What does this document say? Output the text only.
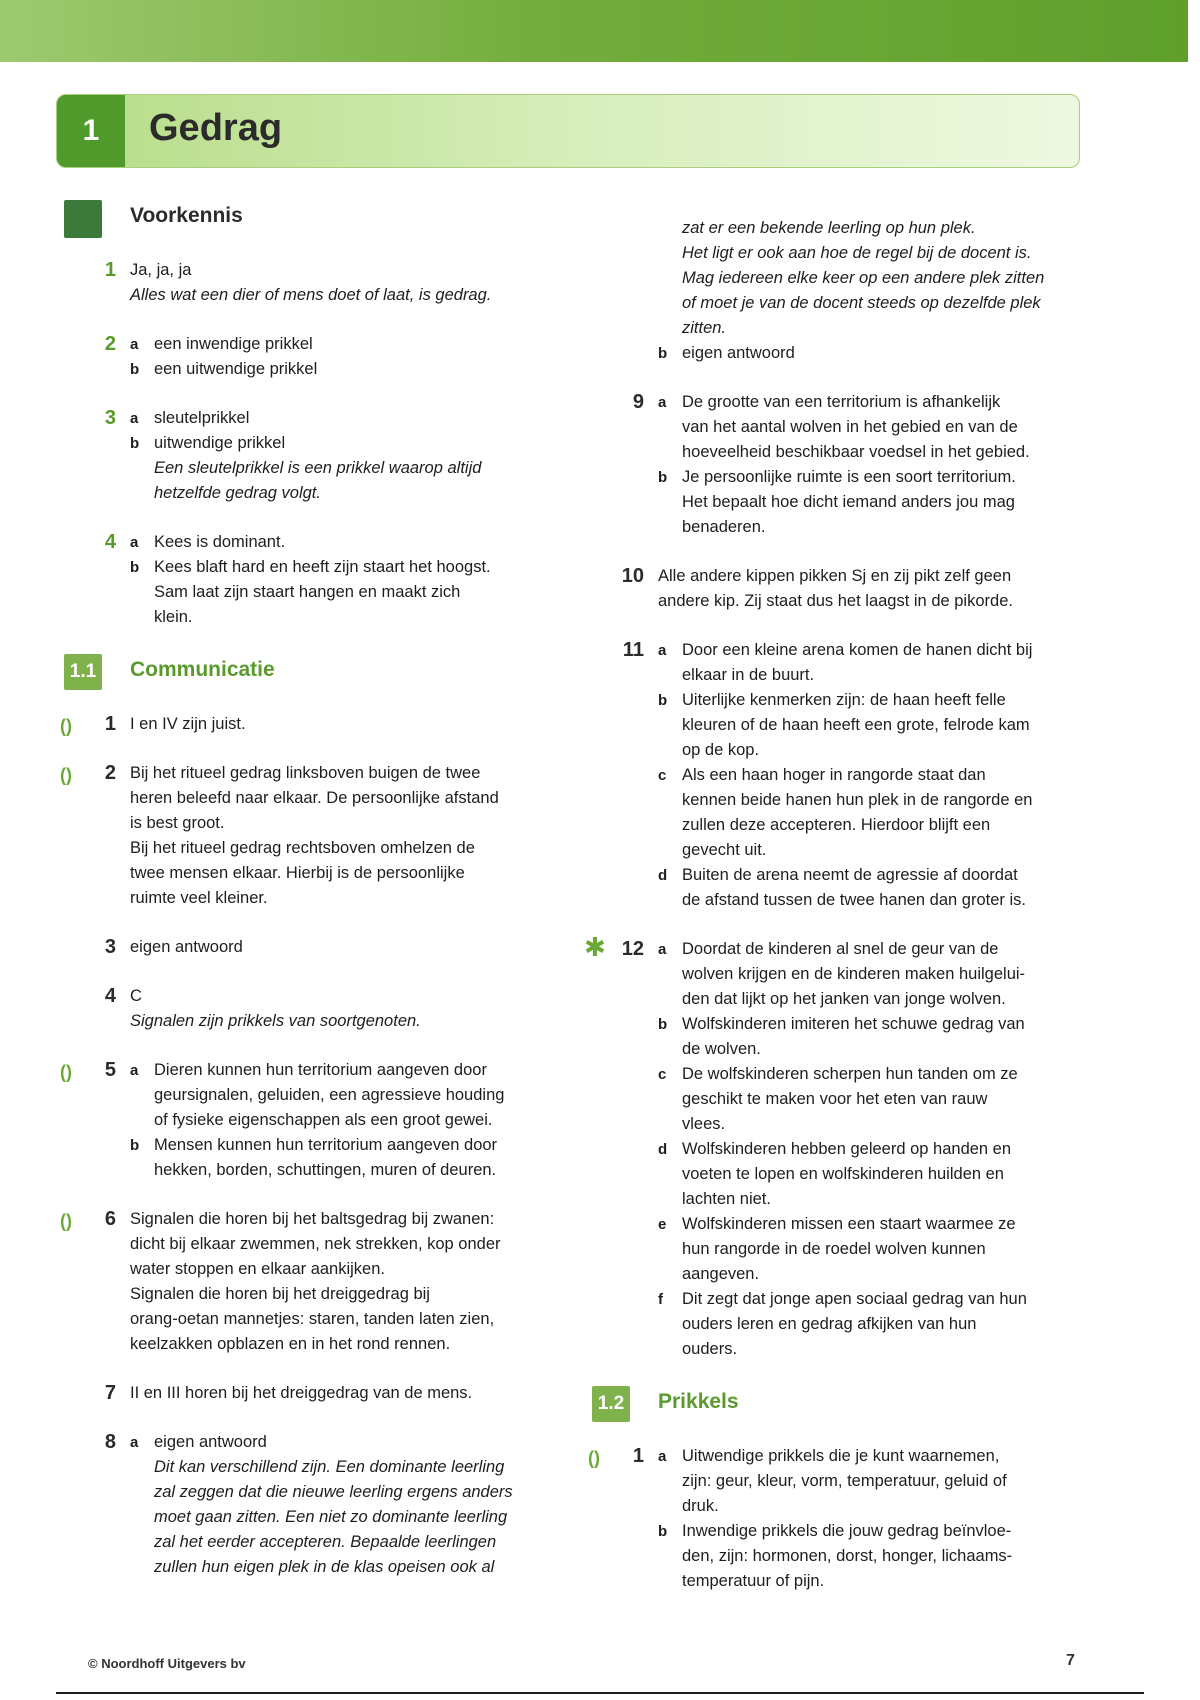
1	Gedrag
Voorkennis
1 Ja, ja, ja

Alles wat een dier of mens doet of laat, is gedrag.

2 a een inwendige prikkel
b een uitwendige prikkel
3 a sleutelprikkel
b uitwendige prikkel
Een sleutelprikkel is een prikkel waarop altijd
hetzelfde gedrag volgt.
4 a Kees is dominant.
b Kees blaft hard en heeft zijn staart het hoogst.
Sam laat zijn staart hangen en maakt zich
klein.
1.1 Communicatie
()	1 I en IV zijn juist.

()	2 Bij het ritueel gedrag linksboven buigen de twee

heren beleefd naar elkaar. De persoonlijke afstand

is best groot.

Bij het ritueel gedrag rechtsboven omhelzen de

twee mensen elkaar. Hierbij is de persoonlijke

ruimte veel kleiner.

3 eigen antwoord

4 C

Signalen zijn prikkels van soortgenoten.

()	5 a Dieren kunnen hun territorium aangeven door
geursignalen, geluiden, een agressieve houding
of fysieke eigenschappen als een groot gewei.
b Mensen kunnen hun territorium aangeven door
hekken, borden, schuttingen, muren of deuren.
()	6 Signalen die horen bij het baltsgedrag bij zwanen:

dicht bij elkaar zwemmen, nek strekken, kop onder

water stoppen en elkaar aankijken.

Signalen die horen bij het dreiggedrag bij

orang-oetan mannetjes: staren, tanden laten zien,

keelzakken opblazen en in het rond rennen.

7 II en III horen bij het dreiggedrag van de mens.

8 a eigen antwoord
Dit kan verschillend zijn. Een dominante leerling
zal zeggen dat die nieuwe leerling ergens anders
moet gaan zitten. Een niet zo dominante leerling
zal het eerder accepteren. Bepaalde leerlingen
zullen hun eigen plek in de klas opeisen ook al
zat er een bekende leerling op hun plek.
Het ligt er ook aan hoe de regel bij de docent is.
Mag iedereen elke keer op een andere plek zitten
of moet je van de docent steeds op dezelfde plek
zitten.
b eigen antwoord
9 a De grootte van een territorium is afhankelijk
van het aantal wolven in het gebied en van de
hoeveelheid beschikbaar voedsel in het gebied.
b Je persoonlijke ruimte is een soort territorium.
Het bepaalt hoe dicht iemand anders jou mag
benaderen.
10 Alle andere kippen pikken Sj en zij pikt zelf geen

andere kip. Zij staat dus het laagst in de pikorde.

11 a Door een kleine arena komen de hanen dicht bij
elkaar in de buurt.
b Uiterlijke kenmerken zijn: de haan heeft felle
kleuren of de haan heeft een grote, felrode kam
op de kop.
c Als een haan hoger in rangorde staat dan
kennen beide hanen hun plek in de rangorde en
zullen deze accepteren. Hierdoor blijft een
gevecht uit.
d Buiten de arena neemt de agressie af doordat
de afstand tussen de twee hanen dan groter is.
✱ 12 a Doordat de kinderen al snel de geur van de
wolven krijgen en de kinderen maken huilgelui-
den dat lijkt op het janken van jonge wolven.
b Wolfskinderen imiteren het schuwe gedrag van
de wolven.
c De wolfskinderen scherpen hun tanden om ze
geschikt te maken voor het eten van rauw
vlees.
d Wolfskinderen hebben geleerd op handen en
voeten te lopen en wolfskinderen huilden en
lachten niet.
e Wolfskinderen missen een staart waarmee ze
hun rangorde in de roedel wolven kunnen
aangeven.
f Dit zegt dat jonge apen sociaal gedrag van hun
ouders leren en gedrag afkijken van hun
ouders.
1.2 Prikkels
()	1 a Uitwendige prikkels die je kunt waarnemen,
zijn: geur, kleur, vorm, temperatuur, geluid of
druk.
b Inwendige prikkels die jouw gedrag beïnvloe-
den, zijn: hormonen, dorst, honger, lichaams-
temperatuur of pijn.
© Noordhoff Uitgevers bv	7
